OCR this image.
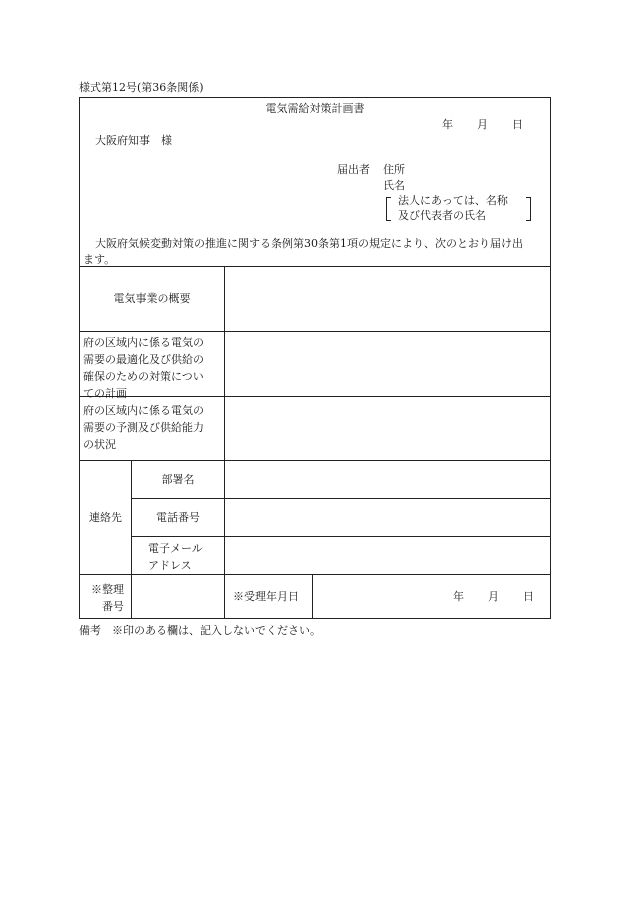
様式第12号(第36条関係)
電気需給対策計画書
年 月 日
大阪府知事　様
届出者 住所
氏名
法人にあっては、名称
及び代表者の氏名
大阪府気候変動対策の推進に関する条例第30条第1項の規定により、次のとおり届け出
ます。
電気事業の概要
府の区域内に係る電気の
需要の最適化及び供給の
確保のための対策につい
ての計画
府の区域内に係る電気の
需要の予測及び供給能力
の状況
連絡先
部署名
電話番号
電子メール
アドレス
※整理
番号
※受理年月日	年 月 日
備考　※印のある欄は、記入しないでください。
